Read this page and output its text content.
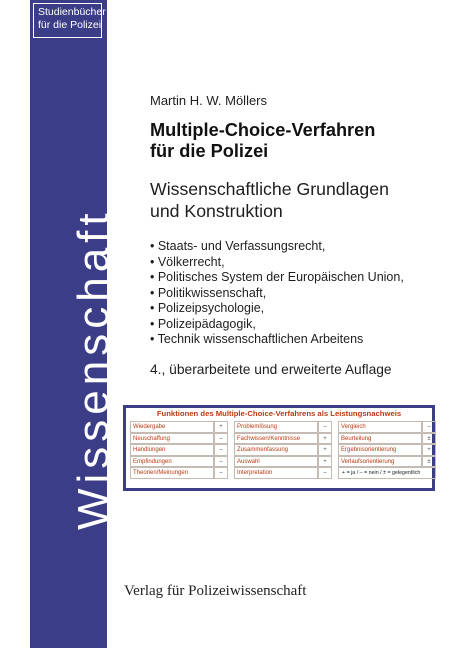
Studienbücher
für die Polizei
Wissenschaft
Martin H. W. Möllers
Multiple-Choice-Verfahren
für die Polizei
Wissenschaftliche Grundlagen
und Konstruktion
• Staats- und Verfassungsrecht,
• Völkerrecht,
• Politisches System der Europäischen Union,
• Politikwissenschaft,
• Polizeipsychologie,
• Polizeipädagogik,
• Technik wissenschaftlichen Arbeitens
4., überarbeitete und erweiterte Auflage
Funktionen des Multiple-Choice-Verfahrens als Leistungsnachweis
Wiedergabe	+	Problemlösung	–	Vergleich	–
Neuschaffung	–	Fachwissen/Kenntnisse	+	Beurteilung	±
Handlungen	–	Zusammenfassung	+	Ergebnisorientierung	+
Empfindungen	–	Auswahl	+	Verlaufsorientierung	±
Theorien/Meinungen	–	Interpretation	–	+ = ja / – = nein / ± = gelegentlich
Verlag für Polizeiwissenschaft
